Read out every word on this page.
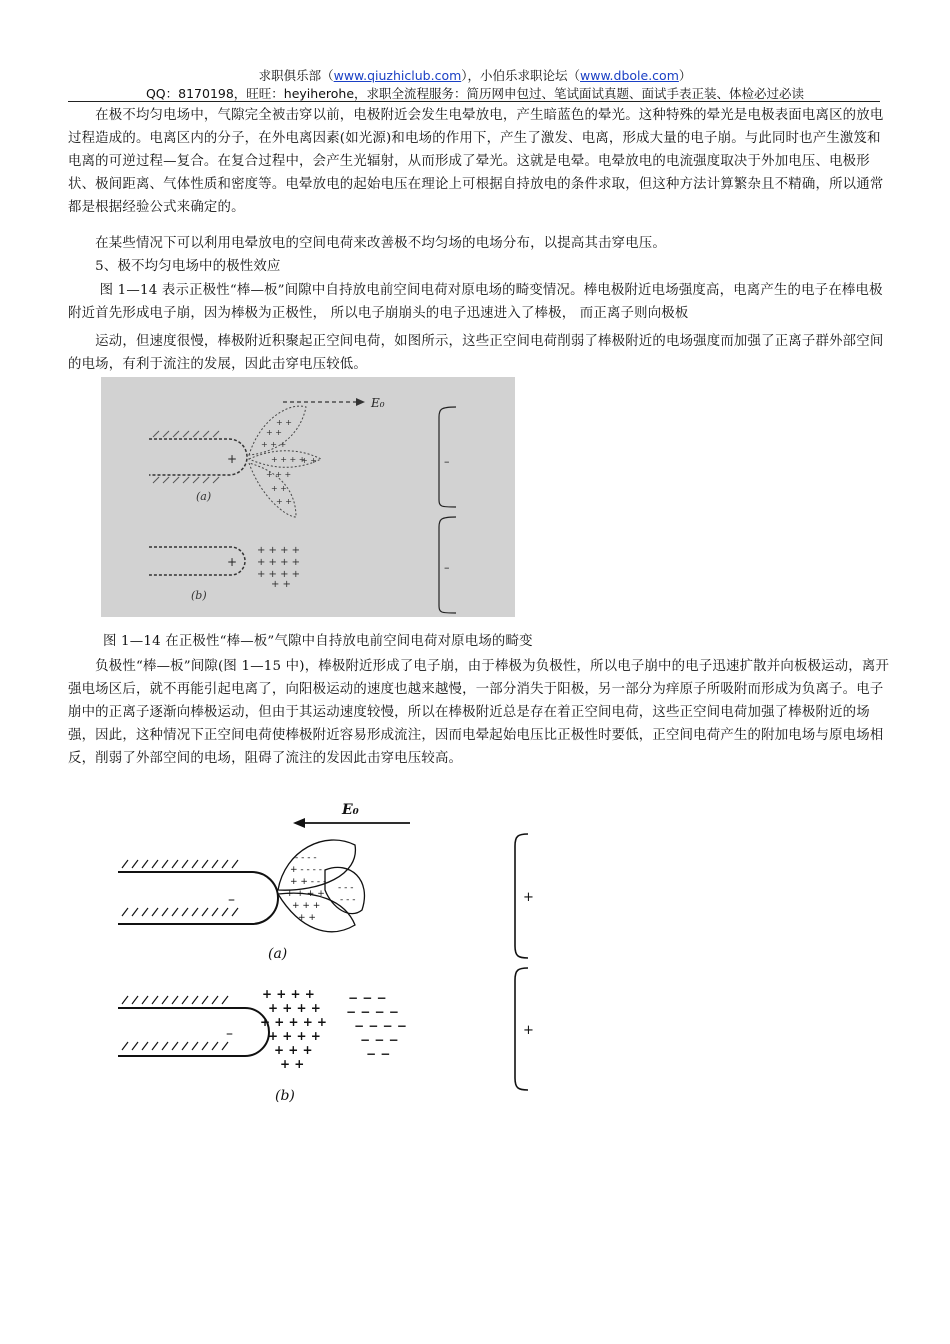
求职俱乐部（www.qiuzhiclub.com），小伯乐求职论坛（www.dbole.com）
QQ：8170198，旺旺：heyiherohe，求职全流程服务：简历网申包过、笔试面试真题、面试手表正装、体检必过必读
　　在极不均匀电场中，气隙完全被击穿以前，电极附近会发生电晕放电，产生暗蓝色的晕光。这种特殊的晕光是电极表面电离区的放电过程造成的。电离区内的分子，在外电离因素(如光源)和电场的作用下，产生了激发、电离，形成大量的电子崩。与此同时也产生激笈和电离的可逆过程—复合。在复合过程中，会产生光辐射，从而形成了晕光。这就是电晕。电晕放电的电流强度取决于外加电压、电极形状、极间距离、气体性质和密度等。电晕放电的起始电压在理论上可根据自持放电的条件求取，但这种方法计算繁杂且不精确，所以通常都是根据经验公式来确定的。
　　在某些情况下可以利用电晕放电的空间电荷来改善极不均匀场的电场分布，以提高其击穿电压。
　　5、极不均匀电场中的极性效应
　　 图 1—14 表示正极性“棒—板”间隙中自持放电前空间电荷对原电场的畸变情况。棒电极附近电场强度高，电离产生的电子在棒电极附近首先形成电子崩，因为棒极为正极性， 所以电子崩崩头的电子迅速进入了棒极， 而正离子则向极板
　　运动，但速度很慢，棒极附近积聚起正空间电荷，如图所示，这些正空间电荷削弱了棒极附近的电场强度而加强了正离子群外部空间的电场，有利于流注的发展，因此击穿电压较低。
E₀
+
+ +
+ +
+ + +
+ + + +
+ +
+ + +
+ +
+ +
(a)
+
+ + + +
+ + + +
+ + + +
+ +
(b)
–
–
图 1—14 在正极性“棒—板”气隙中自持放电前空间电荷对原电场的畸变
　　负极性“棒—板”间隙(图 1—15 中)，棒极附近形成了电子崩，由于棒极为负极性，所以电子崩中的电子迅速扩散并向板极运动，离开强电场区后，就不再能引起电离了，向阳极运动的速度也越来越慢，一部分消失于阳极，另一部分为痒原子所吸附而形成为负离子。电子崩中的正离子逐渐向棒极运动，但由于其运动速度较慢，所以在棒极附近总是存在着正空间电荷，这些正空间电荷加强了棒极附近的场强，因此，这种情况下正空间电荷使棒极附近容易形成流注，因而电晕起始电压比正极性时要低，正空间电荷产生的附加电场与原电场相反，削弱了外部空间的电场，阻碍了流注的发因此击穿电压较高。
E₀
–
- - - -
+ - - - -
+ + - - -
+ + + +
+ + +
+ +
- - -
- - -
(a)
–
+ + + +
+ + + +
+ + + + +
+ + + +
+ + +
+ +
− − −
− − − −
− − − −
− − −
− −
(b)
+
+
